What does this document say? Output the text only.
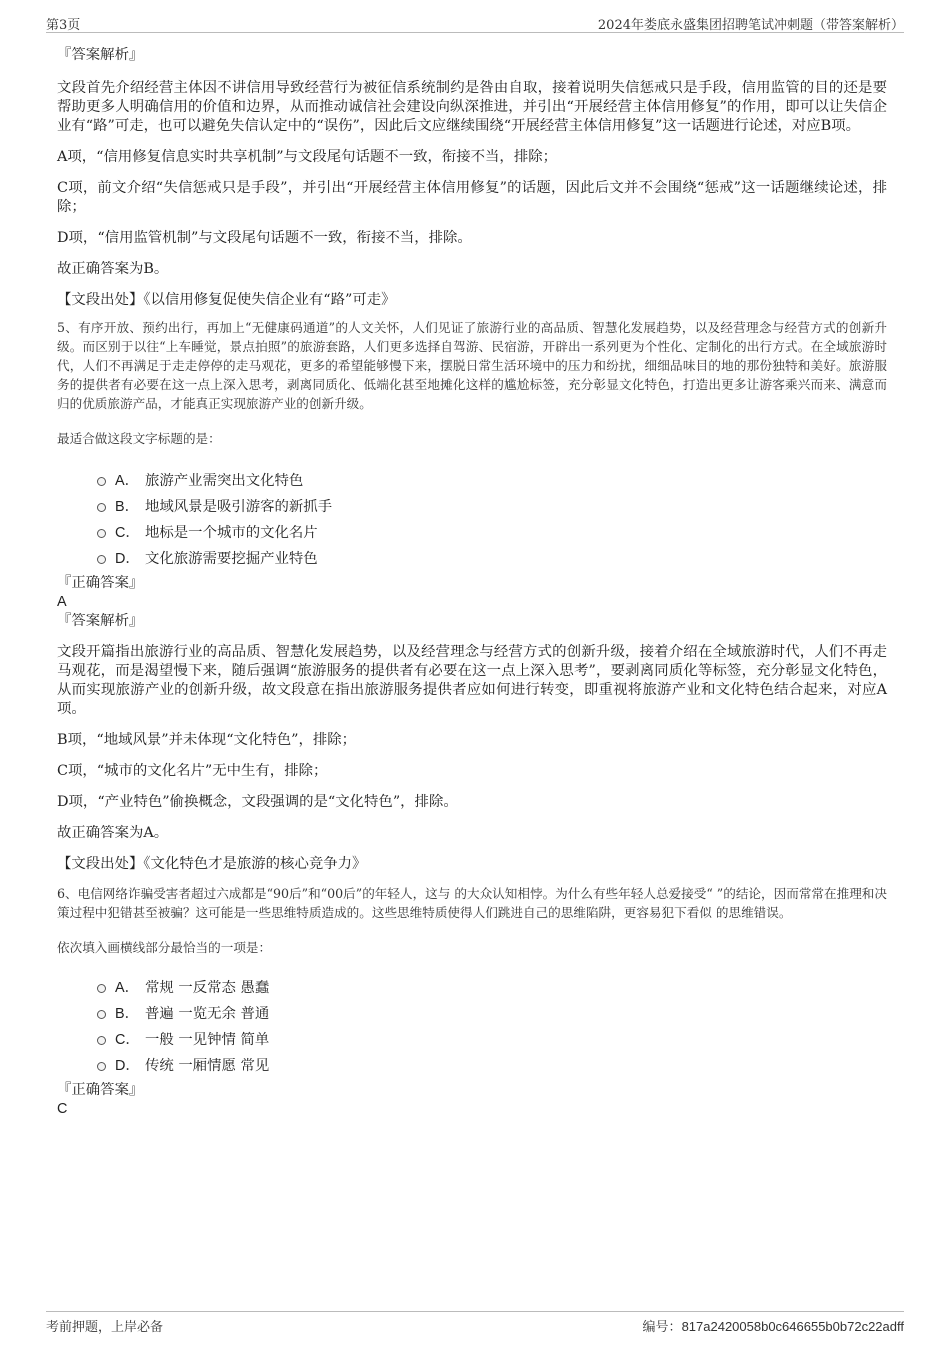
第3页	2024年娄底永盛集团招聘笔试冲刺题（带答案解析）

『答案解析』

文段首先介绍经营主体因不讲信用导致经营行为被征信系统制约是咎由自取，接着说明失信惩戒只是手段，信用监管的目的还是要帮助更多人明确信用的价值和边界，从而推动诚信社会建设向纵深推进，并引出“开展经营主体信用修复”的作用，即可以让失信企业有“路”可走，也可以避免失信认定中的“误伤”，因此后文应继续围绕“开展经营主体信用修复”这一话题进行论述，对应B项。

A项，“信用修复信息实时共享机制”与文段尾句话题不一致，衔接不当，排除；

C项，前文介绍“失信惩戒只是手段”，并引出“开展经营主体信用修复”的话题，因此后文并不会围绕“惩戒”这一话题继续论述，排除；

D项，“信用监管机制”与文段尾句话题不一致，衔接不当，排除。

故正确答案为B。

【文段出处】《以信用修复促使失信企业有“路”可走》

5、有序开放、预约出行，再加上“无健康码通道”的人文关怀，人们见证了旅游行业的高品质、智慧化发展趋势，以及经营理念与经营方式的创新升级。而区别于以往“上车睡觉，景点拍照”的旅游套路，人们更多选择自驾游、民宿游，开辟出一系列更为个性化、定制化的出行方式。在全域旅游时代，人们不再满足于走走停停的走马观花，更多的希望能够慢下来，摆脱日常生活环境中的压力和纷扰，细细品味目的地的那份独特和美好。旅游服务的提供者有必要在这一点上深入思考，剥离同质化、低端化甚至地摊化这样的尴尬标签，充分彰显文化特色，打造出更多让游客乘兴而来、满意而归的优质旅游产品，才能真正实现旅游产业的创新升级。

最适合做这段文字标题的是：

A． 旅游产业需突出文化特色
B． 地域风景是吸引游客的新抓手
C． 地标是一个城市的文化名片
D． 文化旅游需要挖掘产业特色

『正确答案』

A

『答案解析』

文段开篇指出旅游行业的高品质、智慧化发展趋势，以及经营理念与经营方式的创新升级，接着介绍在全域旅游时代，人们不再走马观花，而是渴望慢下来，随后强调“旅游服务的提供者有必要在这一点上深入思考”，要剥离同质化等标签，充分彰显文化特色，从而实现旅游产业的创新升级，故文段意在指出旅游服务提供者应如何进行转变，即重视将旅游产业和文化特色结合起来，对应A项。

B项，“地域风景”并未体现“文化特色”，排除；

C项，“城市的文化名片”无中生有，排除；

D项，“产业特色”偷换概念，文段强调的是“文化特色”，排除。

故正确答案为A。

【文段出处】《文化特色才是旅游的核心竞争力》

6、电信网络诈骗受害者超过六成都是“90后”和“00后”的年轻人，这与 的大众认知相悖。为什么有些年轻人总爱接受“ ”的结论，因而常常在推理和决策过程中犯错甚至被骗？这可能是一些思维特质造成的。这些思维特质使得人们跳进自己的思维陷阱，更容易犯下看似 的思维错误。

依次填入画横线部分最恰当的一项是：

A． 常规 一反常态 愚蠢
B． 普遍 一览无余 普通
C． 一般 一见钟情 简单
D． 传统 一厢情愿 常见

『正确答案』

C

考前押题，上岸必备	编号：817a2420058b0c646655b0b72c22adff
